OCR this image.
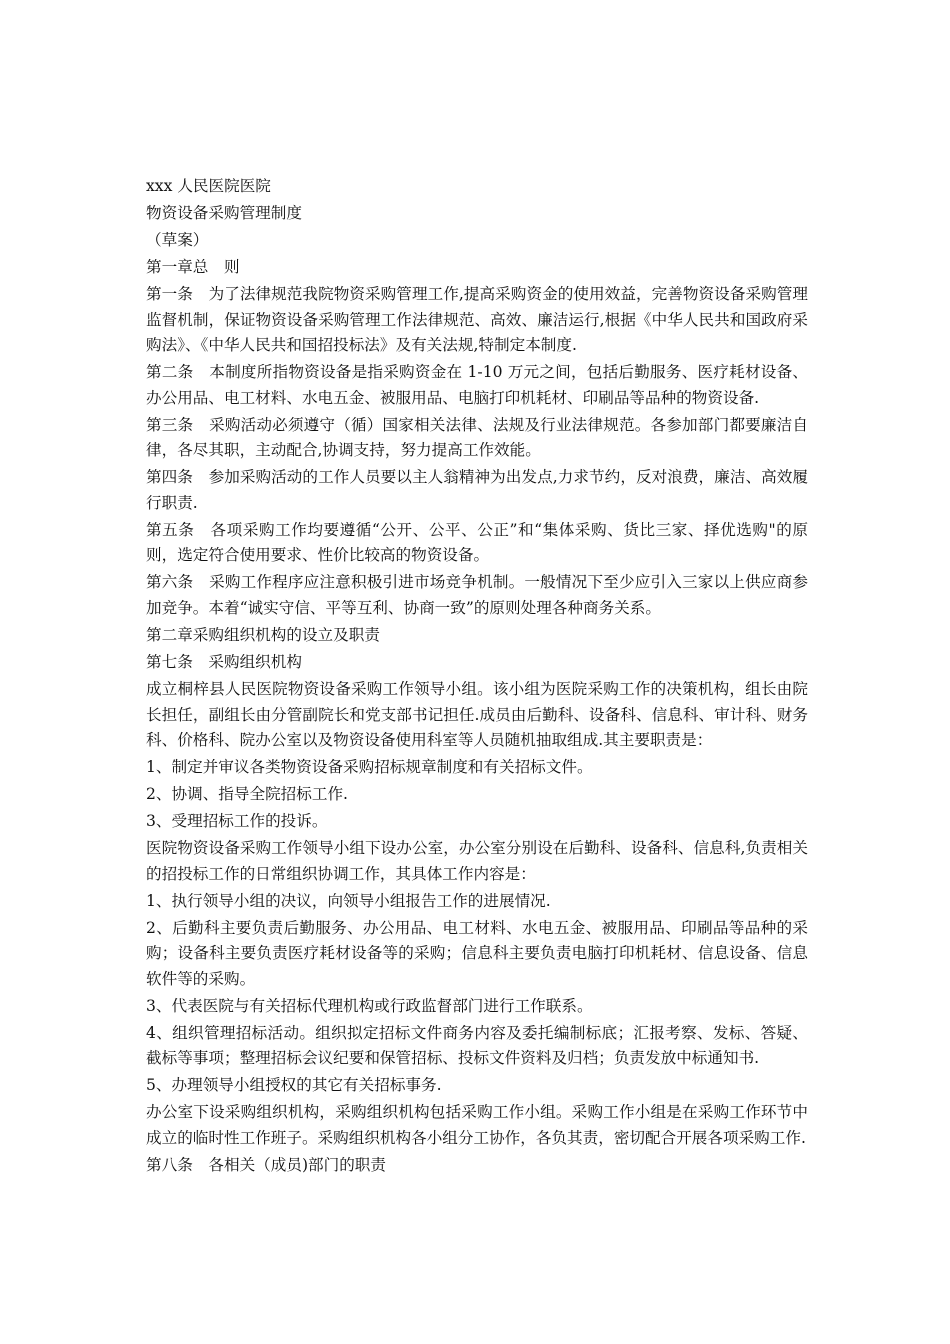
xxx 人民医院医院

物资设备采购管理制度

（草案）

第一章总　则

第一条　为了法律规范我院物资采购管理工作,提高采购资金的使用效益，完善物资设备采购管理监督机制，保证物资设备采购管理工作法律规范、高效、廉洁运行,根据《中华人民共和国政府采购法》、《中华人民共和国招投标法》及有关法规,特制定本制度.

第二条　本制度所指物资设备是指采购资金在 1-10 万元之间，包括后勤服务、医疗耗材设备、办公用品、电工材料、水电五金、被服用品、电脑打印机耗材、印刷品等品种的物资设备.

第三条　采购活动必须遵守（循）国家相关法律、法规及行业法律规范。各参加部门都要廉洁自律，各尽其职，主动配合,协调支持，努力提高工作效能。

第四条　参加采购活动的工作人员要以主人翁精神为出发点,力求节约，反对浪费，廉洁、高效履行职责.

第五条　各项采购工作均要遵循“公开、公平、公正”和“集体采购、货比三家、择优选购"的原则，选定符合使用要求、性价比较高的物资设备。

第六条　采购工作程序应注意积极引进市场竞争机制。一般情况下至少应引入三家以上供应商参加竞争。本着“诚实守信、平等互利、协商一致”的原则处理各种商务关系。

第二章采购组织机构的设立及职责

第七条　采购组织机构

成立桐梓县人民医院物资设备采购工作领导小组。该小组为医院采购工作的决策机构，组长由院长担任，副组长由分管副院长和党支部书记担任.成员由后勤科、设备科、信息科、审计科、财务科、价格科、院办公室以及物资设备使用科室等人员随机抽取组成.其主要职责是：

1、制定并审议各类物资设备采购招标规章制度和有关招标文件。

2、协调、指导全院招标工作.

3、受理招标工作的投诉。

医院物资设备采购工作领导小组下设办公室，办公室分别设在后勤科、设备科、信息科,负责相关的招投标工作的日常组织协调工作，其具体工作内容是：

1、执行领导小组的决议，向领导小组报告工作的进展情况.

2、后勤科主要负责后勤服务、办公用品、电工材料、水电五金、被服用品、印刷品等品种的采购；设备科主要负责医疗耗材设备等的采购；信息科主要负责电脑打印机耗材、信息设备、信息软件等的采购。

3、代表医院与有关招标代理机构或行政监督部门进行工作联系。

4、组织管理招标活动。组织拟定招标文件商务内容及委托编制标底；汇报考察、发标、答疑、截标等事项；整理招标会议纪要和保管招标、投标文件资料及归档；负责发放中标通知书.

5、办理领导小组授权的其它有关招标事务.

办公室下设采购组织机构，采购组织机构包括采购工作小组。采购工作小组是在采购工作环节中成立的临时性工作班子。采购组织机构各小组分工协作，各负其责，密切配合开展各项采购工作.

第八条　各相关（成员)部门的职责
